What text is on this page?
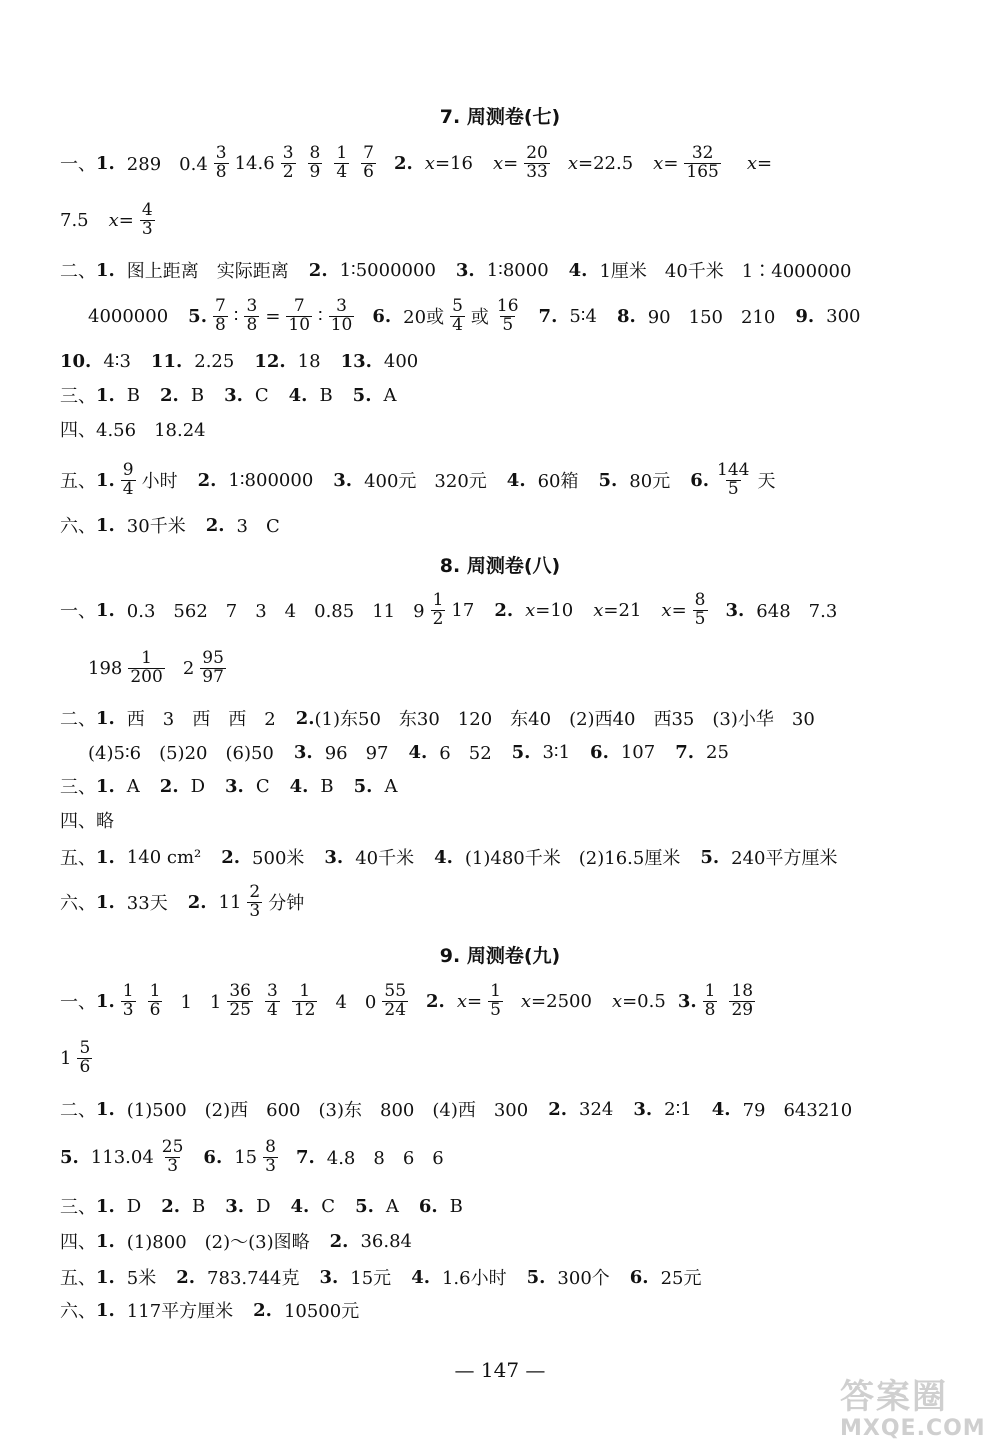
7. 周测卷(七)
一、 1. 289　$0.4 \frac{3}{8} 14.6 \frac{3}{2} \frac{8}{9} \frac{1}{4} \frac{7}{6} 2$. x =16 $x = \frac{20}{33}$ x =22.5 $x = \frac{32}{165}$ x =
7.5 $x = \frac{4}{3}$
二、 1. 图上距离　实际距离 2. 1∶5000000 3. 1∶8000 4. 1厘米　40千米　1∶4000000
4000000 5. $\frac{7}{8}$ ∶ $\frac{3}{8} = \frac{7}{10}$ ∶ $\frac{3}{10} 6$. 20或 $\frac{5}{4}$ 或 $\frac{16}{5} 7$. 5∶4 8. 90　150　210 9. 300
10. 4∶3 11. 2.25 12. 18 13. 400
三、 1. B 2. B 3. C 4. B 5. A
四、 4.56　18.24
五、 1. $\frac{9}{4}$ 小时 2. 1∶800000 3. 400元　320元 4. 60箱 5. 80元 6. $\frac{144}{5}$ 天
六、 1. 30千米 2. 3　C
8. 周测卷(八)
一、 1. 0.3　562　7　3　4　0.85　11　$9 \frac{1}{2} 17$ 2. x =10 x =21 $x = \frac{8}{5} 3$. 648　7.3
$198 \frac{1}{200} 2 \frac{95}{97}$
二、 1. 西　3　西　西　2 2. (1)东50　东30　120　东40　(2)西40　西35　(3)小华　30
(4)5∶6　(5)20　(6)50 3. 96　97 4. 6　52 5. 3∶1 6. 107 7. 25
三、 1. A 2. D 3. C 4. B 5. A
四、 略
五、 1. 140 cm² 2. 500米 3. 40千米 4. (1)480千米　(2)16.5厘米 5. 240平方厘米
六、 1. 33天 2. $11 \frac{2}{3}$ 分钟
9. 周测卷(九)
一、 1. $\frac{1}{3} \frac{1}{6} 1$　$1 \frac{36}{25} \frac{3}{4} \frac{1}{12} 4$　$0 \frac{55}{24} 2$. $x = \frac{1}{5}$ x =2500 x =0.5 3. $\frac{1}{8} \frac{18}{29}$
$1 \frac{5}{6}$
二、 1. (1)500　(2)西　600　(3)东　800　(4)西　300 2. 324 3. 2∶1 4. 79　643210
5. $113.04 \frac{25}{3} 6$. $15 \frac{8}{3} 7$. 4.8　8　6　6
三、 1. D 2. B 3. D 4. C 5. A 6. B
四、 1. (1)800　(2)～(3)图略 2. 36.84
五、 1. 5米 2. 783.744克 3. 15元 4. 1.6小时 5. 300个 6. 25元
六、 1. 117平方厘米 2. 10500元
— 147 —
答案圈
MXQE.COM
